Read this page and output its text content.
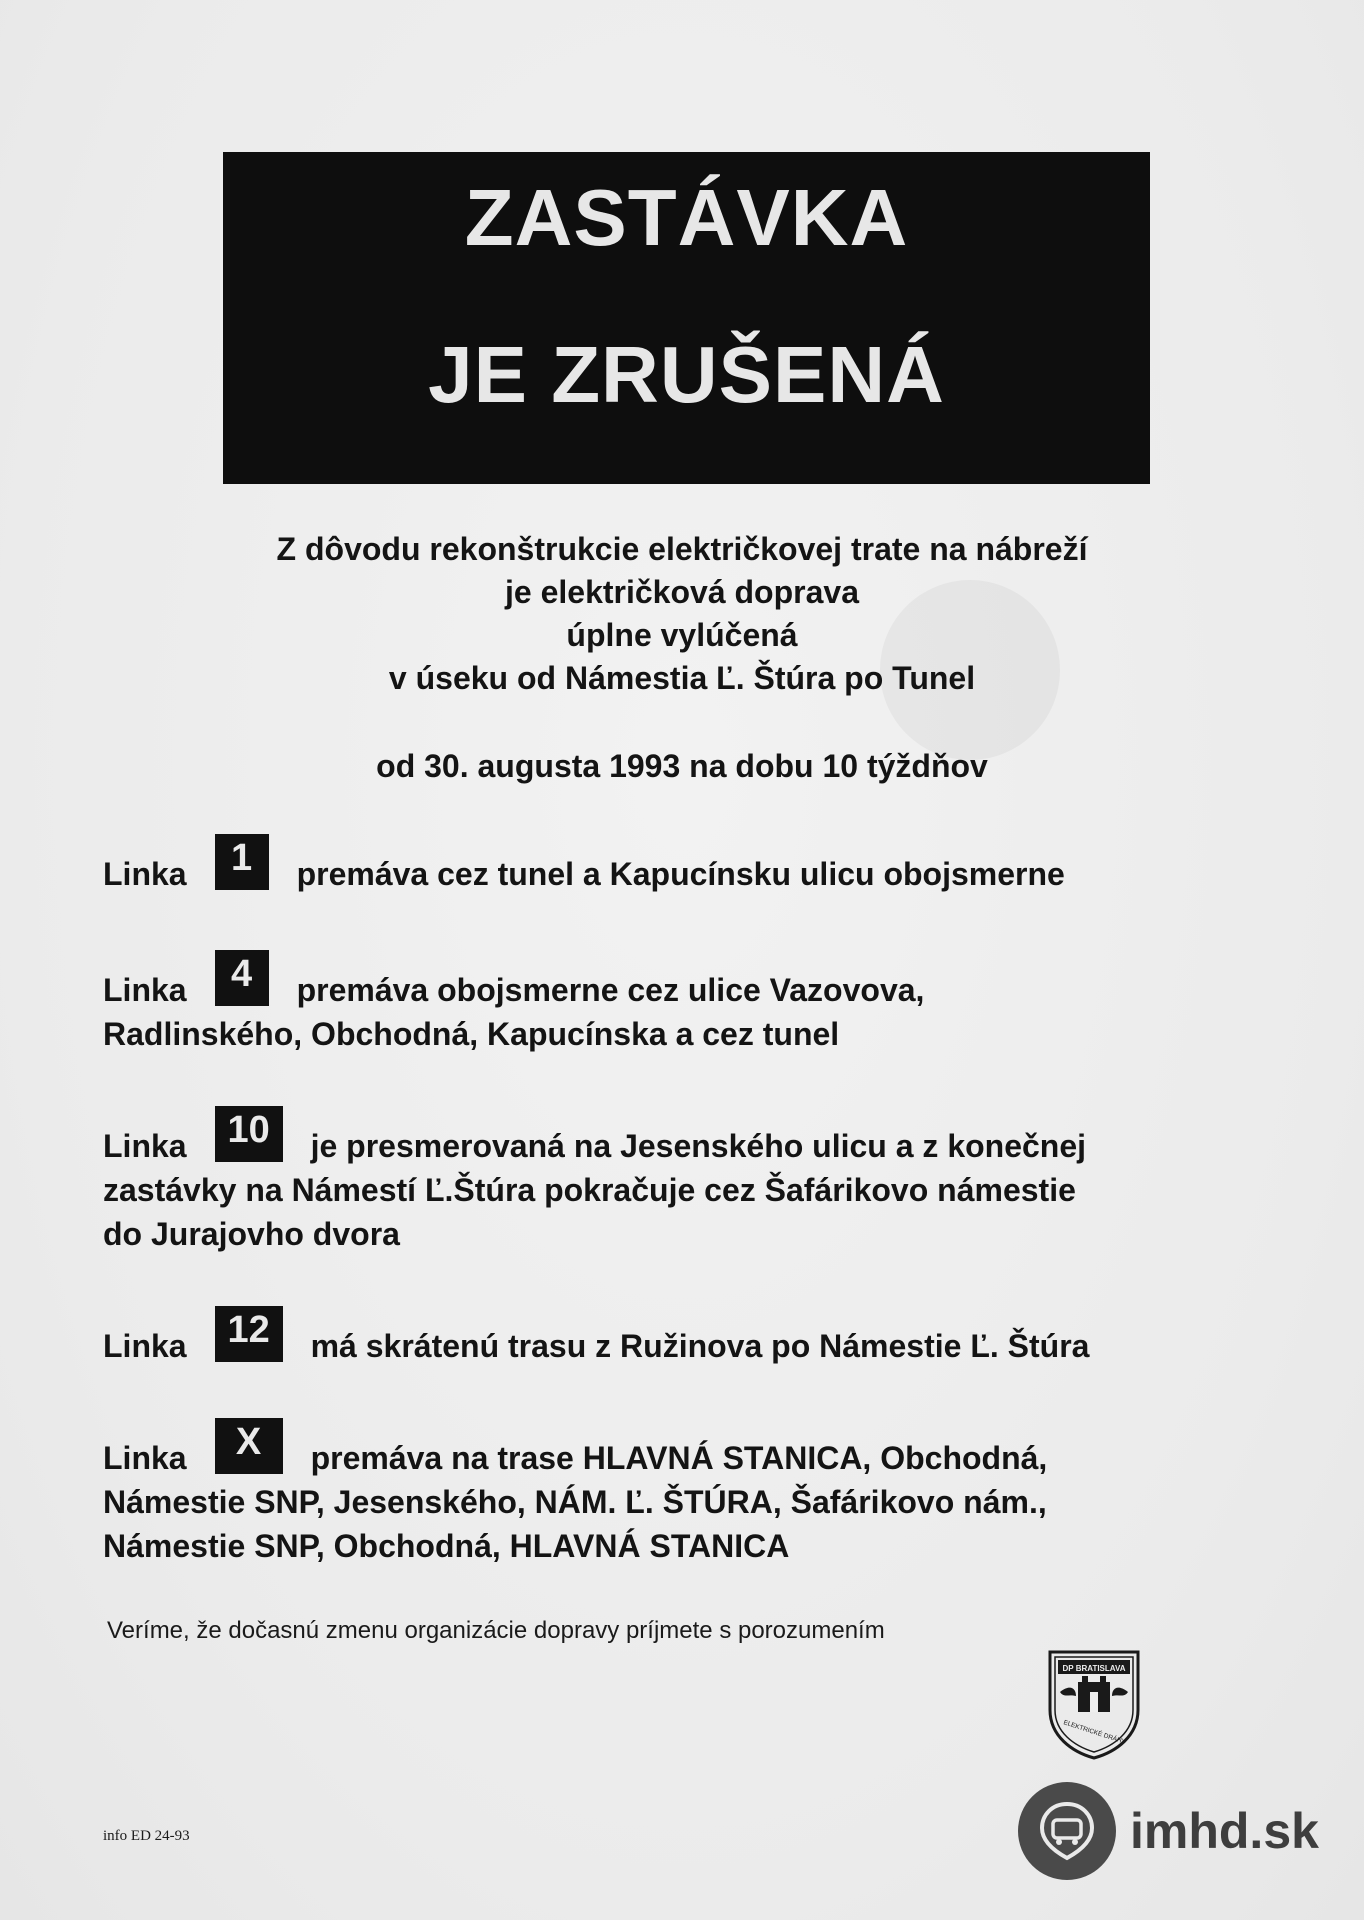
ZASTÁVKA
JE ZRUŠENÁ
Z dôvodu rekonštrukcie električkovej trate na nábreží
je električková doprava
úplne vylúčená
v úseku od Námestia Ľ. Štúra po Tunel
od 30. augusta 1993 na dobu 10 týždňov
Linka	1	premáva cez tunel a Kapucínsku ulicu obojsmerne
Linka	4	premáva obojsmerne cez ulice Vazovova,
Radlinského, Obchodná, Kapucínska a cez tunel
Linka	10	je presmerovaná na Jesenského ulicu a z konečnej
zastávky na Námestí Ľ.Štúra pokračuje cez Šafárikovo námestie
do Jurajovho dvora
Linka	12	má skrátenú trasu z Ružinova po Námestie Ľ. Štúra
Linka	X	premáva na trase HLAVNÁ STANICA, Obchodná,
Námestie SNP, Jesenského, NÁM. Ľ. ŠTÚRA, Šafárikovo nám.,
Námestie SNP, Obchodná, HLAVNÁ STANICA
Veríme, že dočasnú zmenu organizácie dopravy príjmete s porozumením
DP BRATISLAVA
ELEKTRICKÉ DRÁHY
info ED 24-93	imhd.sk
